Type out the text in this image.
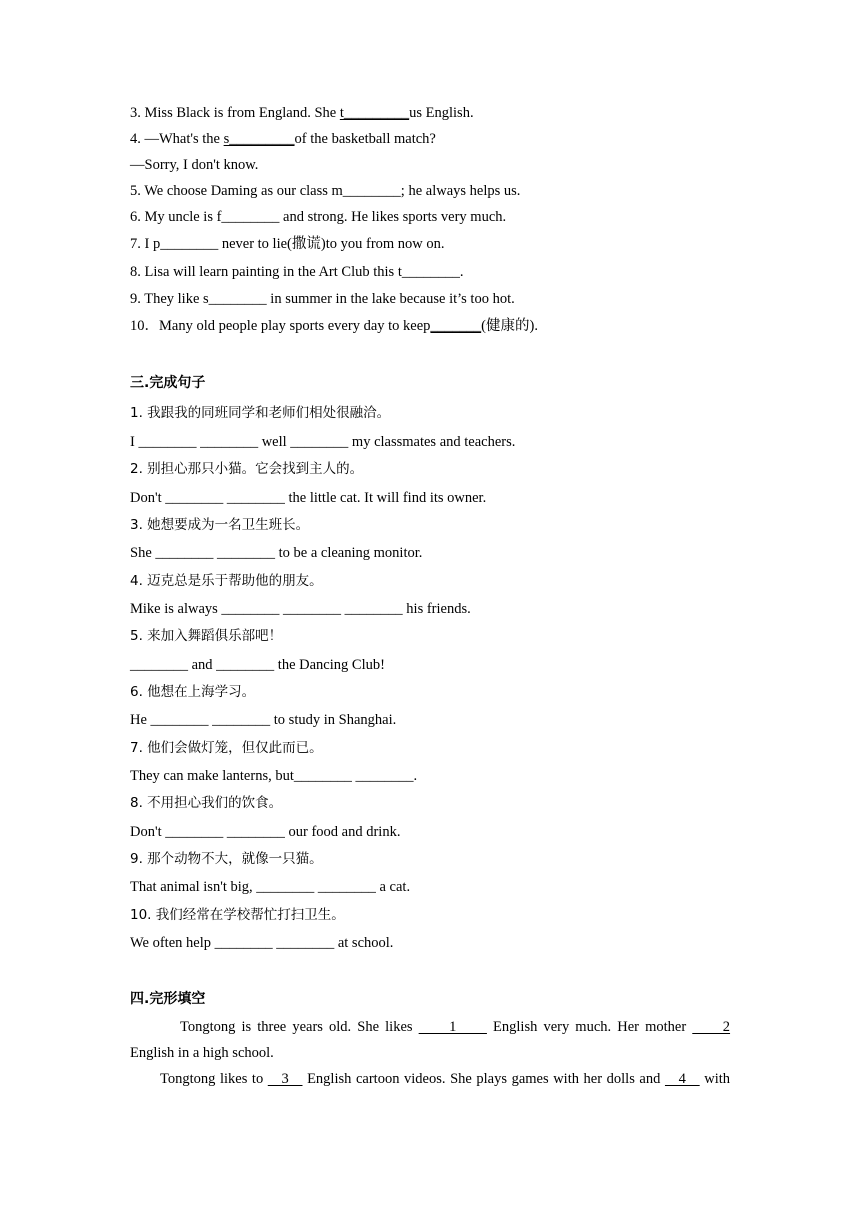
3. Miss Black is from England. She t_________us English.
4. —What's the s_________of the basketball match?
—Sorry, I don't know.
5. We choose Daming as our class m________; he always helps us.
6. My uncle is f________ and strong. He likes sports very much.
7. I p________ never to lie(撒谎)to you from now on.
8. Lisa will learn painting in the Art Club this t________.
9. They like s________ in summer in the lake because it’s too hot.
10．Many old people play sports every day to keep_______(健康的).
三.完成句子
1. 我跟我的同班同学和老师们相处很融洽。
I ________ ________ well ________ my classmates and teachers.
2. 别担心那只小猫。它会找到主人的。
Don't ________ ________ the little cat. It will find its owner.
3. 她想要成为一名卫生班长。
She ________ ________ to be a cleaning monitor.
4. 迈克总是乐于帮助他的朋友。
Mike is always ________ ________ ________ his friends.
5. 来加入舞蹈俱乐部吧！
________ and ________ the Dancing Club!
6. 他想在上海学习。
He ________ ________ to study in Shanghai.
7. 他们会做灯笼，但仅此而已。
They can make lanterns, but________ ________.
8. 不用担心我们的饮食。
Don't ________ ________ our food and drink.
9. 那个动物不大，就像一只猫。
That animal isn't big, ________ ________ a cat.
10. 我们经常在学校帮忙打扫卫生。
We often help ________ ________ at school.
四.完形填空
Tongtong is three years old. She likes      1      English very much. Her mother      2
English in a high school.
Tongtong likes to    3    English cartoon videos. She plays games with her dolls and    4    with
